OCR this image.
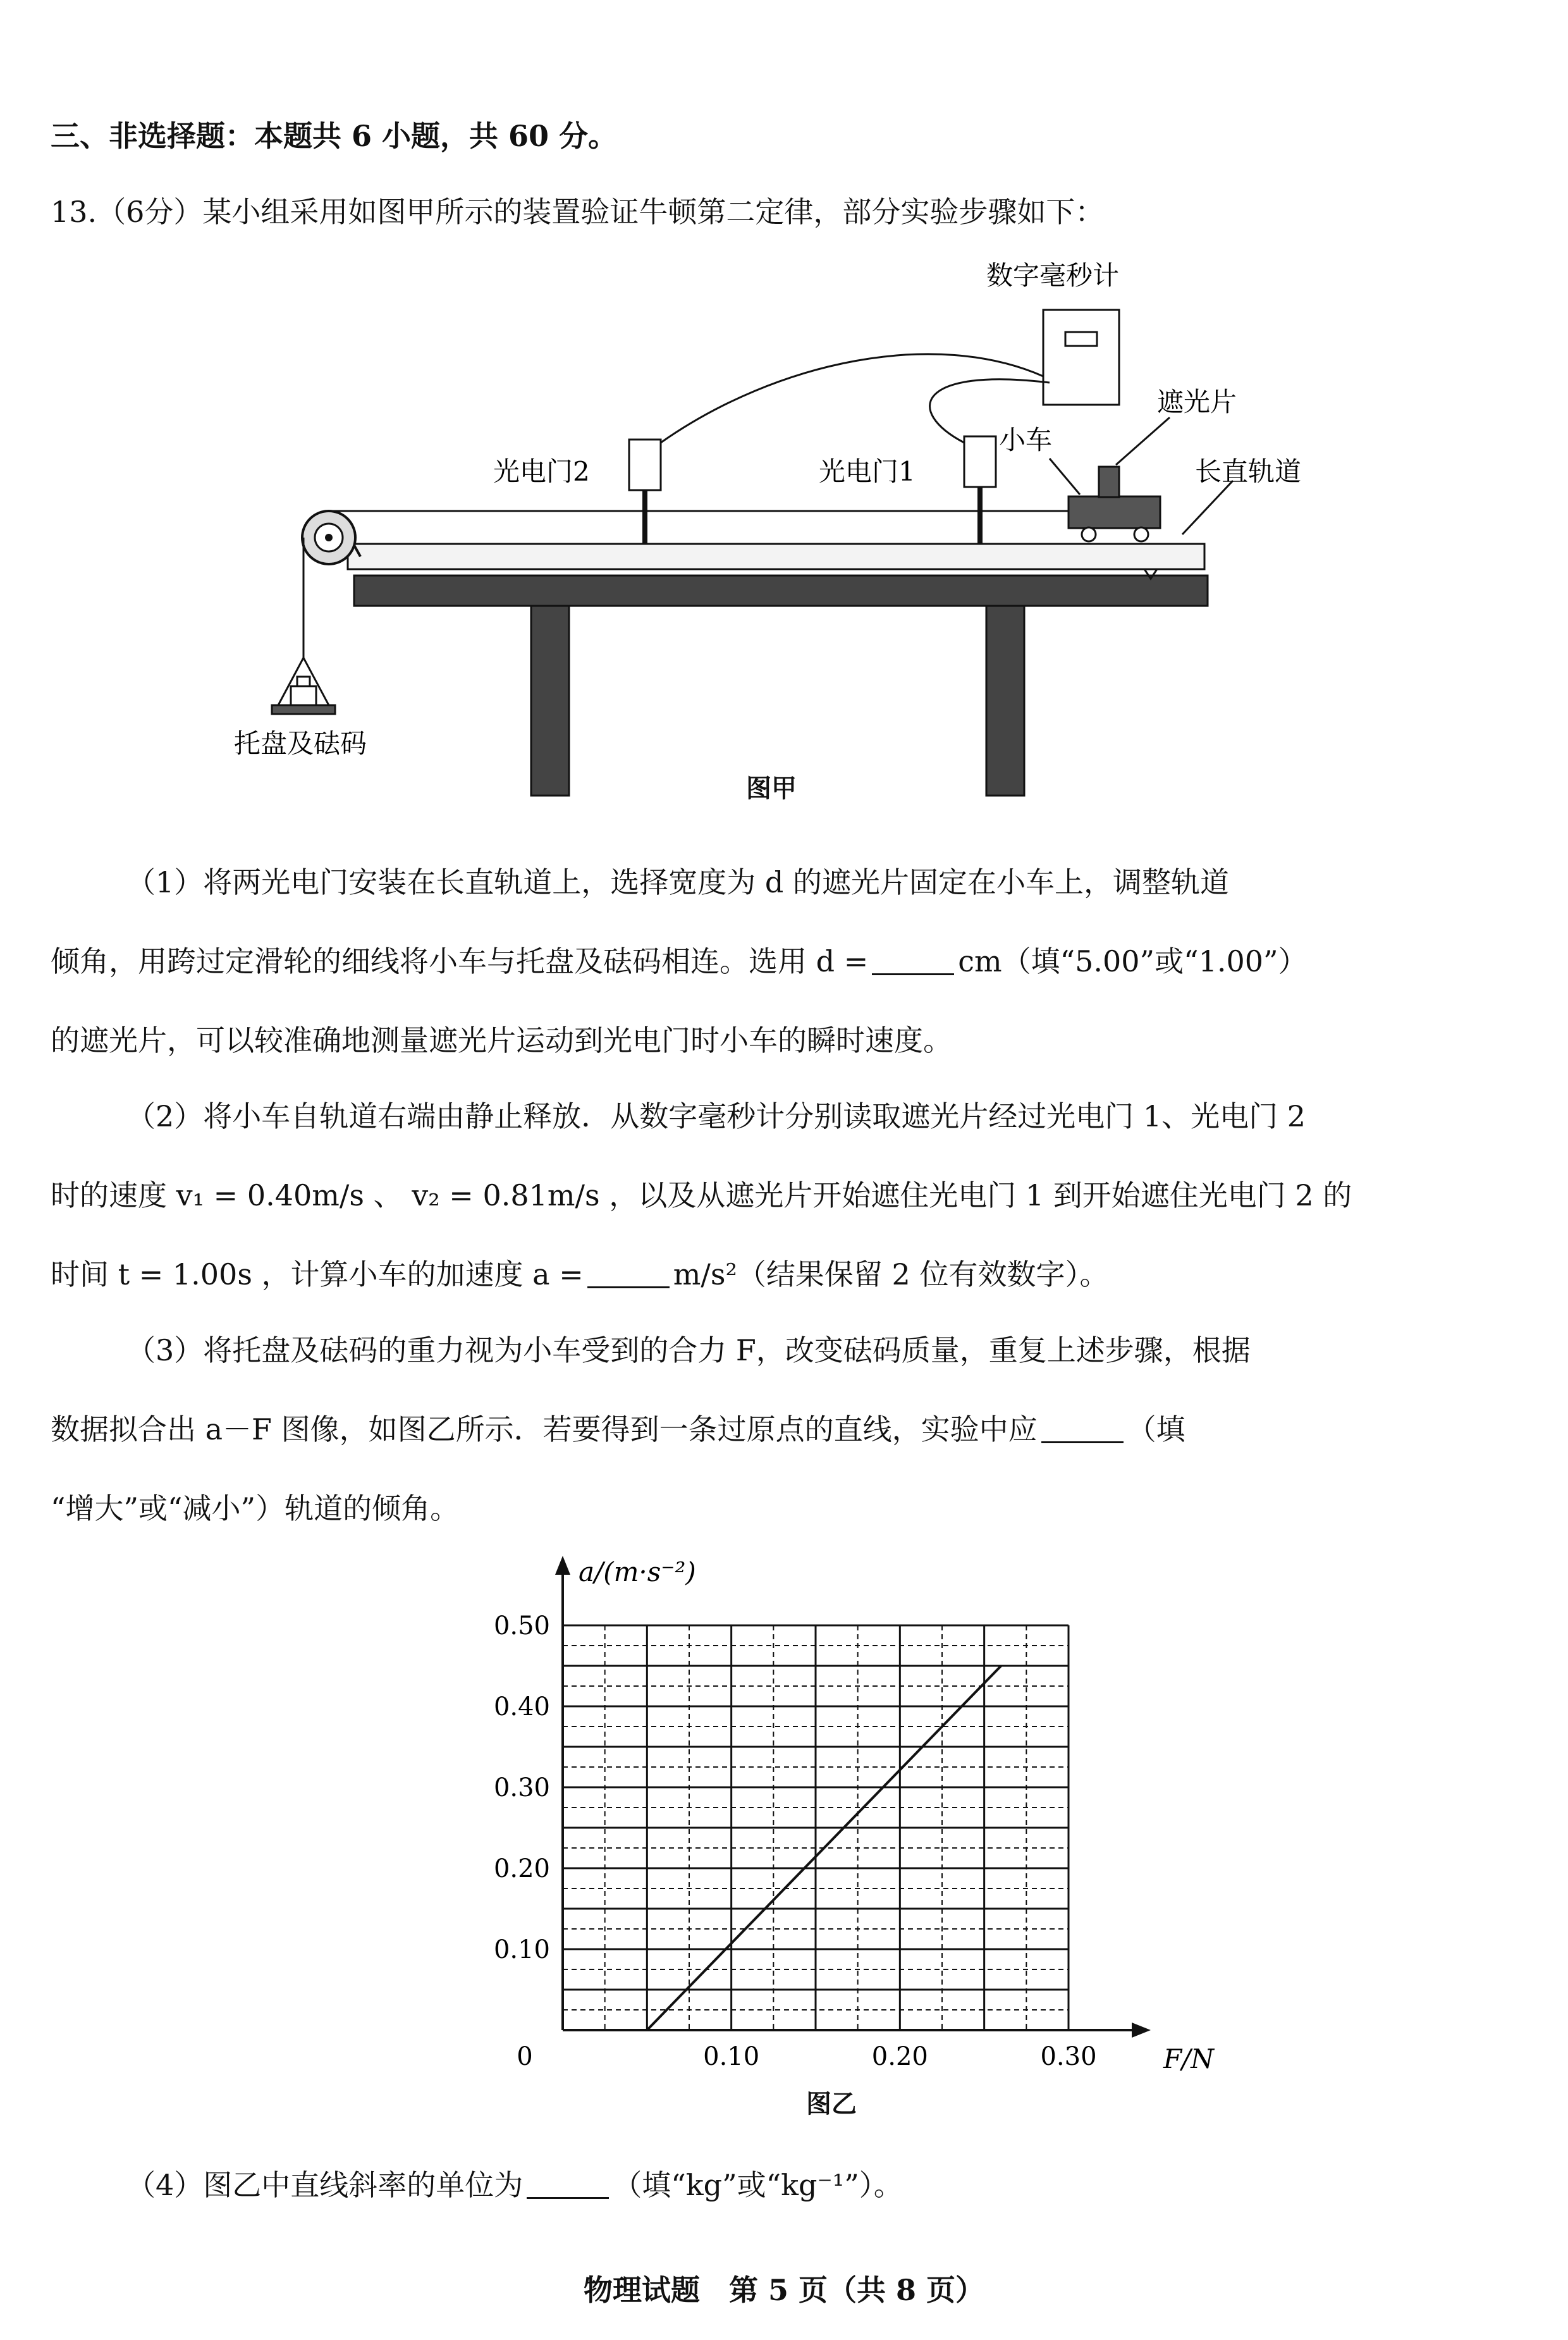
三、非选择题：本题共 6 小题，共 60 分。
13.（6分）某小组采用如图甲所示的装置验证牛顿第二定律，部分实验步骤如下：
数字毫秒计
光电门2	光电门1
小车
遮光片
长直轨道
托盘及砝码
图甲
（1）将两光电门安装在长直轨道上，选择宽度为 d 的遮光片固定在小车上，调整轨道
倾角，用跨过定滑轮的细线将小车与托盘及砝码相连。选用 d =	cm（填“5.00”或“1.00”）
的遮光片，可以较准确地测量遮光片运动到光电门时小车的瞬时速度。
（2）将小车自轨道右端由静止释放．从数字毫秒计分别读取遮光片经过光电门 1、光电门 2
时的速度 v₁ = 0.40m/s 、 v₂ = 0.81m/s ，以及从遮光片开始遮住光电门 1 到开始遮住光电门 2 的
时间 t = 1.00s ，计算小车的加速度 a =	m/s²（结果保留 2 位有效数字）。
（3）将托盘及砝码的重力视为小车受到的合力 F，改变砝码质量，重复上述步骤，根据
数据拟合出 a－F 图像，如图乙所示．若要得到一条过原点的直线，实验中应	（填
“增大”或“减小”）轨道的倾角。
0.10	0.20	0.30
0.10
0.20
0.30
0.40
0.50
0	F/N
a/(m·s⁻²)
图乙
（4）图乙中直线斜率的单位为	（填“kg”或“kg⁻¹”）。
物理试题　第 5 页（共 8 页）
